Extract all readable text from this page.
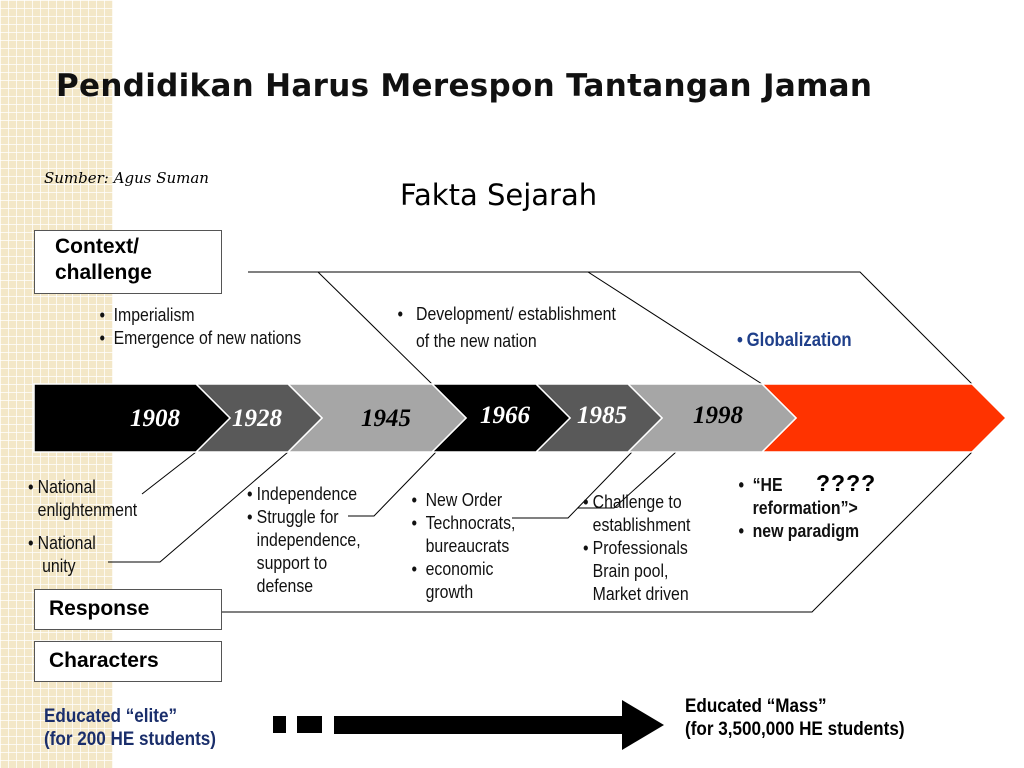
Pendidikan Harus Merespon Tantangan Jaman
Sumber: Agus Suman	Fakta Sejarah
1908 1928	1945	1966 1985	1998
Context/
challenge
Response
Characters
• Imperialism
• Emergence of new nations
• Development/ establishment
of the new nation
•	Globalization
• National
enlightenment
• National
unity
• Independence
• Struggle for
independence,
support to
defense
• New Order
• Technocrats,
bureaucrats
• economic
growth
• Challenge to
establishment
• Professionals
Brain pool,
Market driven
• “HE
reformation”>
• new paradigm
????
Educated “elite”
(for 200 HE students)
Educated “Mass”
(for 3,500,000 HE students)
